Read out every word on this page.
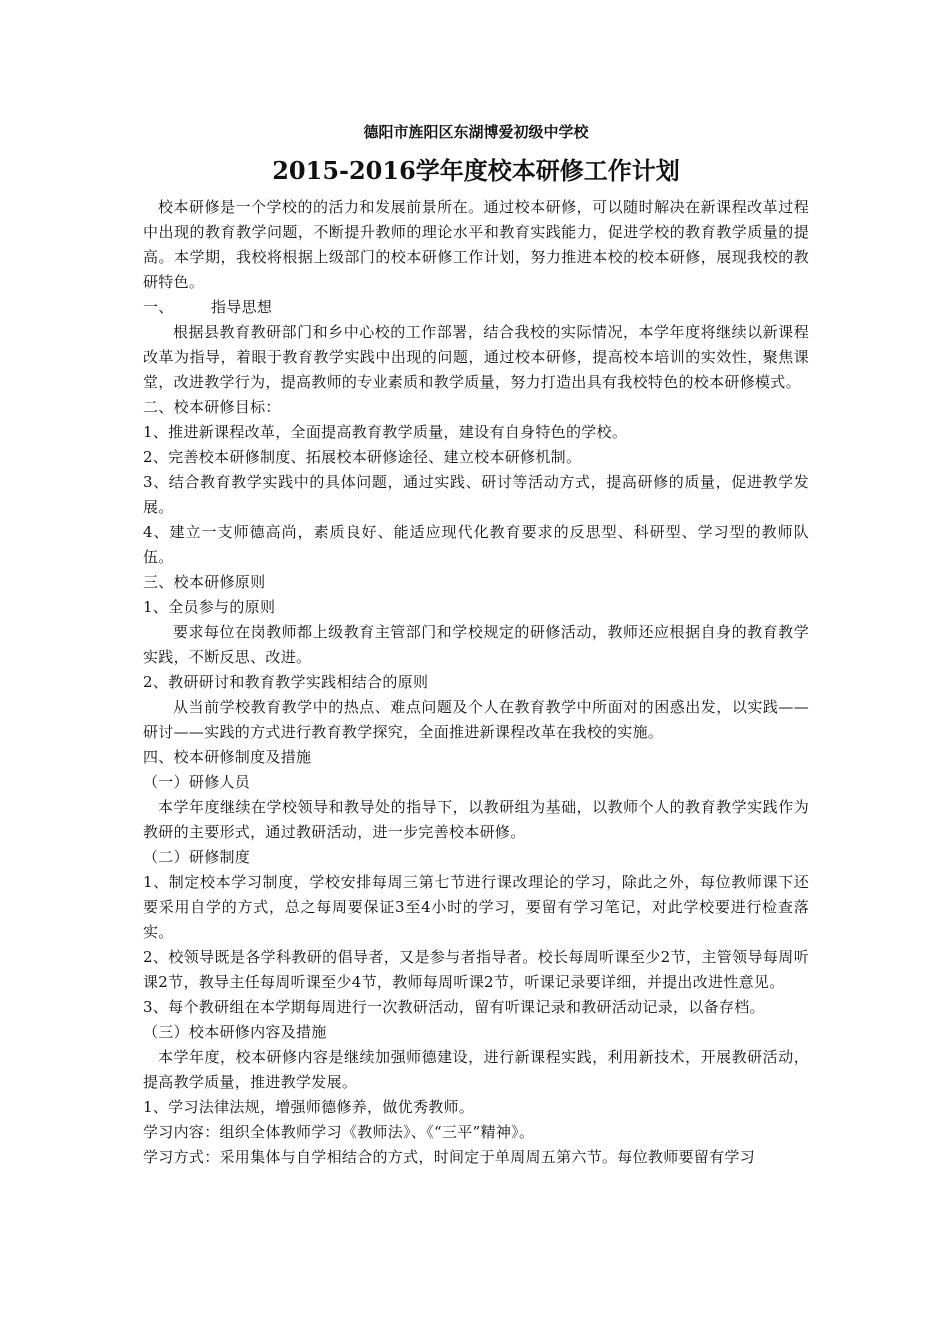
德阳市旌阳区东湖博爱初级中学校
2015-2016学年度校本研修工作计划

校本研修是一个学校的的活力和发展前景所在。通过校本研修，可以随时解决在新课程改革过程中出现的教育教学问题，不断提升教师的理论水平和教育实践能力，促进学校的教育教学质量的提高。本学期，我校将根据上级部门的校本研修工作计划，努力推进本校的校本研修，展现我校的教研特色。

一、 指导思想

根据县教育教研部门和乡中心校的工作部署，结合我校的实际情况，本学年度将继续以新课程改革为指导，着眼于教育教学实践中出现的问题，通过校本研修，提高校本培训的实效性，聚焦课堂，改进教学行为，提高教师的专业素质和教学质量，努力打造出具有我校特色的校本研修模式。

二、校本研修目标：

1、推进新课程改革，全面提高教育教学质量，建设有自身特色的学校。

2、完善校本研修制度、拓展校本研修途径、建立校本研修机制。

3、结合教育教学实践中的具体问题，通过实践、研讨等活动方式，提高研修的质量，促进教学发展。

4、建立一支师德高尚，素质良好、能适应现代化教育要求的反思型、科研型、学习型的教师队伍。

三、校本研修原则

1、全员参与的原则

要求每位在岗教师都上级教育主管部门和学校规定的研修活动，教师还应根据自身的教育教学实践，不断反思、改进。

2、教研研讨和教育教学实践相结合的原则

从当前学校教育教学中的热点、难点问题及个人在教育教学中所面对的困惑出发，以实践——研讨——实践的方式进行教育教学探究，全面推进新课程改革在我校的实施。

四、校本研修制度及措施

（一）研修人员

本学年度继续在学校领导和教导处的指导下，以教研组为基础，以教师个人的教育教学实践作为教研的主要形式，通过教研活动，进一步完善校本研修。

（二）研修制度

1、制定校本学习制度，学校安排每周三第七节进行课改理论的学习，除此之外，每位教师课下还要采用自学的方式，总之每周要保证3至4小时的学习，要留有学习笔记，对此学校要进行检查落实。

2、校领导既是各学科教研的倡导者，又是参与者指导者。校长每周听课至少2节，主管领导每周听课2节，教导主任每周听课至少4节，教师每周听课2节，听课记录要详细，并提出改进性意见。

3、每个教研组在本学期每周进行一次教研活动，留有听课记录和教研活动记录，以备存档。

（三）校本研修内容及措施

本学年度，校本研修内容是继续加强师德建设，进行新课程实践，利用新技术，开展教研活动，提高教学质量，推进教学发展。

1、学习法律法规，增强师德修养，做优秀教师。

学习内容：组织全体教师学习《教师法》、《“三平”精神》。

学习方式：采用集体与自学相结合的方式，时间定于单周周五第六节。每位教师要留有学习
